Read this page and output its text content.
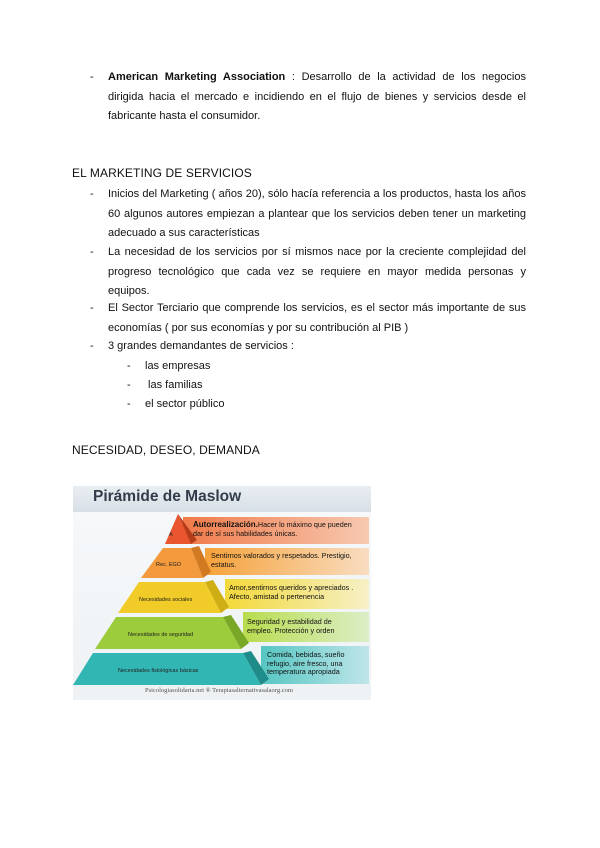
-	American Marketing Association : Desarrollo de la actividad de los negocios dirigida hacia el mercado e incidiendo en el flujo de bienes y servicios desde el fabricante hasta el consumidor.
EL MARKETING DE SERVICIOS
-	Inicios del Marketing ( años 20), sólo hacía referencia a los productos, hasta los años 60 algunos autores empiezan a plantear que los servicios deben tener un marketing adecuado a sus características
-	La necesidad de los servicios por sí mismos nace por la creciente complejidad del progreso tecnológico que cada vez se requiere en mayor medida personas y equipos.
-	El Sector Terciario que comprende los servicios, es el sector más importante de sus economías ( por sus economías y por su contribución al PIB )
-	3 grandes demandantes de servicios :
-	las empresas
-	las familias
-	el sector público
NECESIDAD, DESEO, DEMANDA
Pirámide de Maslow
A
Rec. EGO
Necesidades sociales
Necesidades de seguridad
Necesidades fisiológicas básicas
Autorrealización.Hacer lo máximo que pueden dar de sí sus habilidades únicas.
Sentirnos valorados y respetados. Prestigio, estatus.
Amor,sentirnos queridos y apreciados . Afecto, amistad o pertenencia
Seguridad y estabilidad de empleo. Protección y orden
Comida, bebidas, sueño refugio, aire fresco, una temperatura apropiada
Psicologiasolidaria.net ® Terapiasalternativasalaorg.com
